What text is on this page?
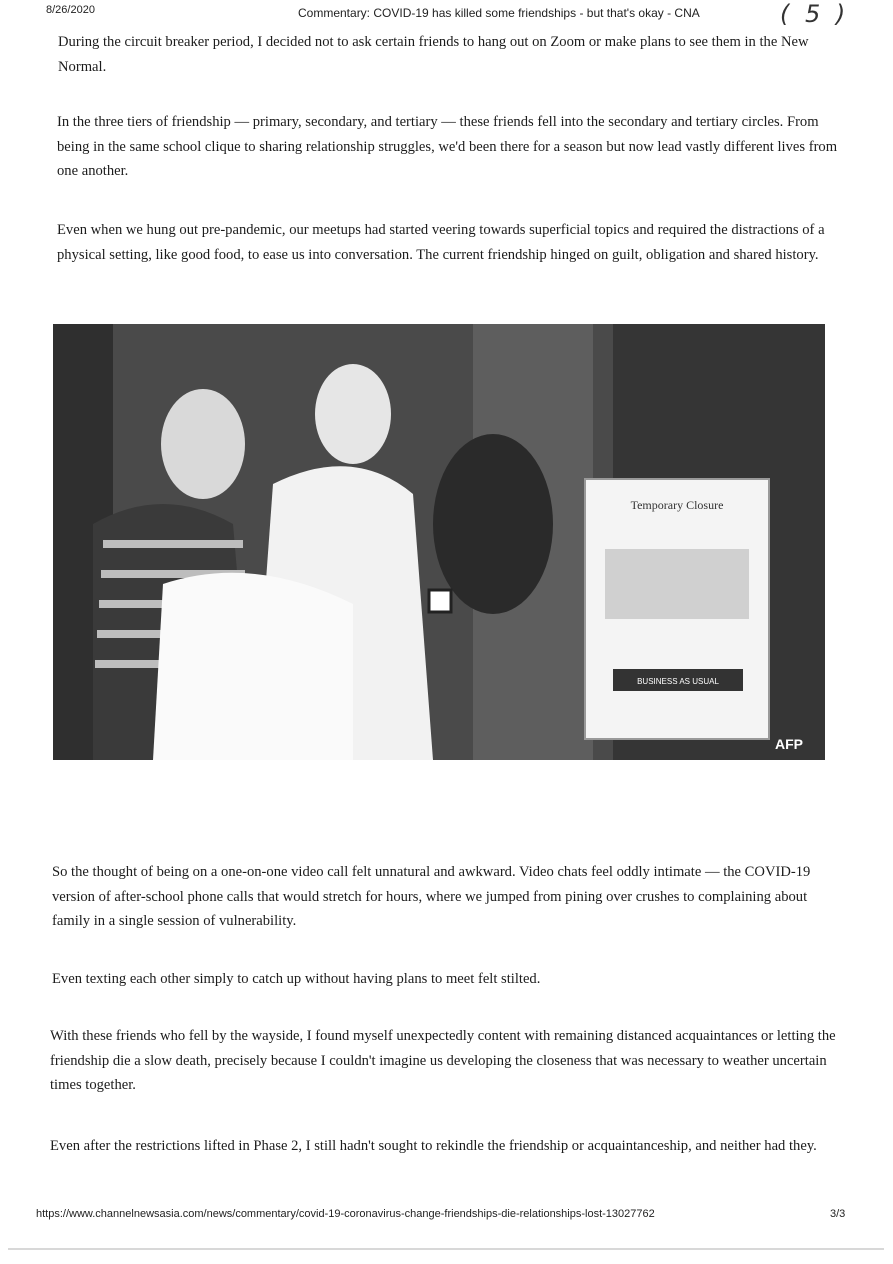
8/26/2020	Commentary: COVID-19 has killed some friendships - but that's okay - CNA	( 5 )

During the circuit breaker period, I decided not to ask certain friends to hang out on Zoom or make plans to see them in the New Normal.

In the three tiers of friendship — primary, secondary, and tertiary — these friends fell into the secondary and tertiary circles. From being in the same school clique to sharing relationship struggles, we'd been there for a season but now lead vastly different lives from one another.

Even when we hung out pre-pandemic, our meetups had started veering towards superficial topics and required the distractions of a physical setting, like good food, to ease us into conversation. The current friendship hinged on guilt, obligation and shared history.

Temporary Closure
BUSINESS AS USUAL
AFP

So the thought of being on a one-on-one video call felt unnatural and awkward. Video chats feel oddly intimate — the COVID-19 version of after-school phone calls that would stretch for hours, where we jumped from pining over crushes to complaining about family in a single session of vulnerability.

Even texting each other simply to catch up without having plans to meet felt stilted.

With these friends who fell by the wayside, I found myself unexpectedly content with remaining distanced acquaintances or letting the friendship die a slow death, precisely because I couldn't imagine us developing the closeness that was necessary to weather uncertain times together.

Even after the restrictions lifted in Phase 2, I still hadn't sought to rekindle the friendship or acquaintanceship, and neither had they.

https://www.channelnewsasia.com/news/commentary/covid-19-coronavirus-change-friendships-die-relationships-lost-13027762	3/3
